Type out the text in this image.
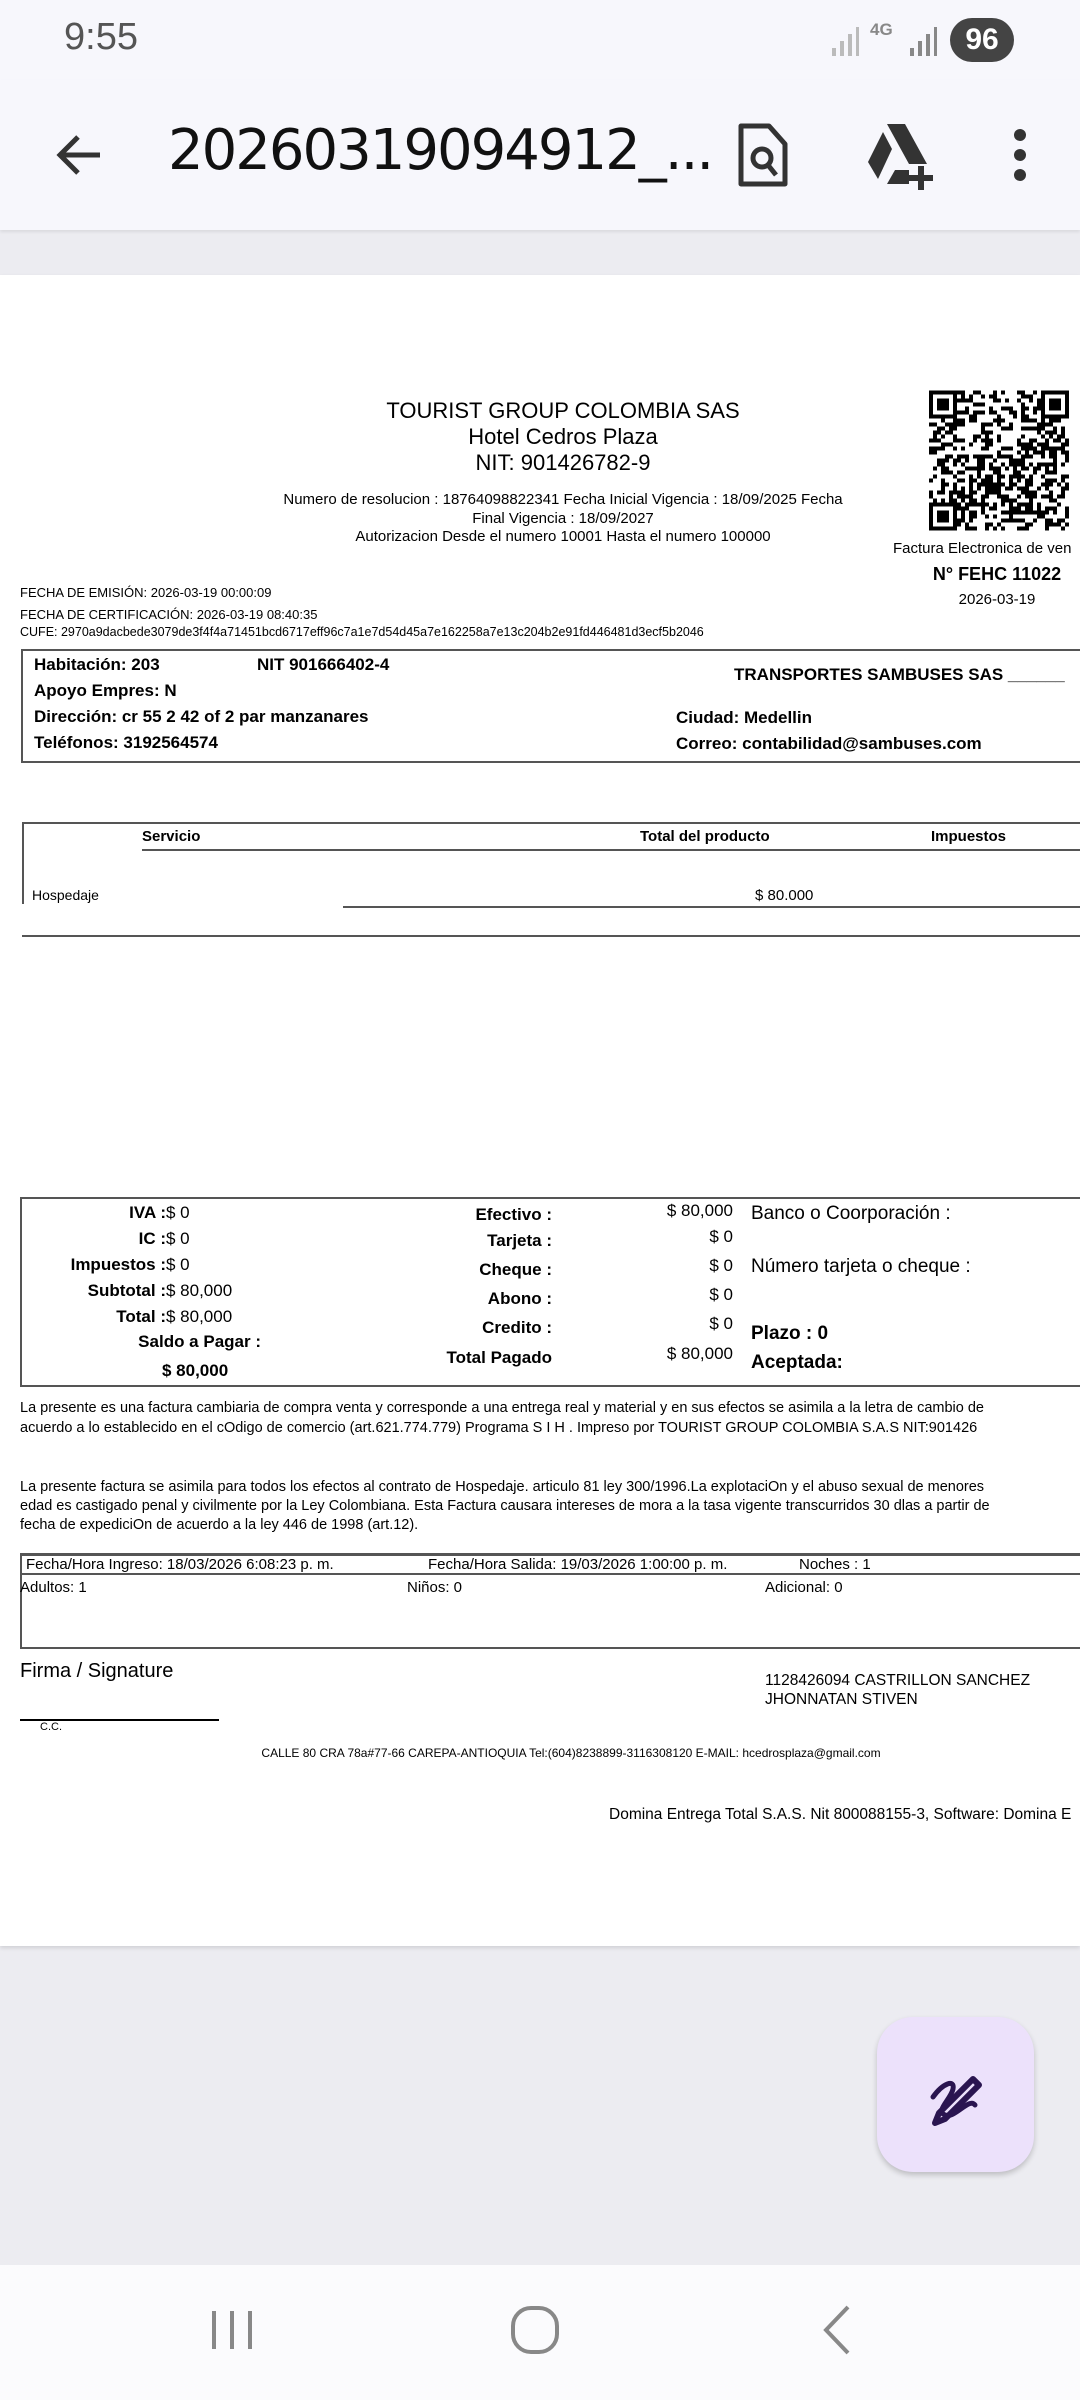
9:55	4G	96
20260319094912_...
TOURIST GROUP COLOMBIA SAS
Hotel Cedros Plaza
NIT: 901426782-9
Numero de resolucion : 18764098822341 Fecha Inicial Vigencia : 18/09/2025 Fecha
Final Vigencia : 18/09/2027
Autorizacion Desde el numero 10001 Hasta el numero 100000
Factura Electronica de ven
N° FEHC 11022
2026-03-19
FECHA DE EMISIÓN: 2026-03-19 00:00:09
FECHA DE CERTIFICACIÓN: 2026-03-19 08:40:35
CUFE: 2970a9dacbede3079de3f4f4a71451bcd6717eff96c7a1e7d54d45a7e162258a7e13c204b2e91fd446481d3ecf5b2046
Habitación: 203	NIT 901666402-4
TRANSPORTES SAMBUSES SAS ______
Apoyo Empres: N
Dirección: cr 55 2 42 of 2 par manzanares	Ciudad: Medellin
Teléfonos: 3192564574	Correo: contabilidad@sambuses.com
Servicio	Total del producto	Impuestos
Hospedaje	$ 80.000
IVA : $ 0
IC : $ 0
Impuestos : $ 0
Subtotal : $ 80,000
Total : $ 80,000
Saldo a Pagar :
$ 80,000
Efectivo :	$ 80,000
Tarjeta :	$ 0
Cheque :	$ 0
Abono :	$ 0
Credito :	$ 0
Total Pagado	$ 80,000
Banco o Coorporación :
Número tarjeta o cheque :
Plazo : 0
Aceptada:
La presente es una factura cambiaria de compra venta y corresponde a una entrega real y material y en sus efectos se asimila a la letra de cambio de
acuerdo a lo establecido en el cOdigo de comercio (art.621.774.779) Programa S I H . Impreso por TOURIST GROUP COLOMBIA S.A.S NIT:901426
La presente factura se asimila para todos los efectos al contrato de Hospedaje. articulo 81 ley 300/1996.La explotaciOn y el abuso sexual de menores
edad es castigado penal y civilmente por la Ley Colombiana. Esta Factura causara intereses de mora a la tasa vigente transcurridos 30 dlas a partir de
fecha de expediciOn de acuerdo a la ley 446 de 1998 (art.12).
Fecha/Hora Ingreso: 18/03/2026 6:08:23 p. m.	Fecha/Hora Salida: 19/03/2026 1:00:00 p. m.	Noches : 1
Adultos: 1	Niños: 0	Adicional: 0
Firma / Signature	1128426094 CASTRILLON SANCHEZ
JHONNATAN STIVEN
C.C.
CALLE 80 CRA 78a#77-66 CAREPA-ANTIOQUIA Tel:(604)8238899-3116308120 E-MAIL: hcedrosplaza@gmail.com
Domina Entrega Total S.A.S. Nit 800088155-3, Software: Domina E
